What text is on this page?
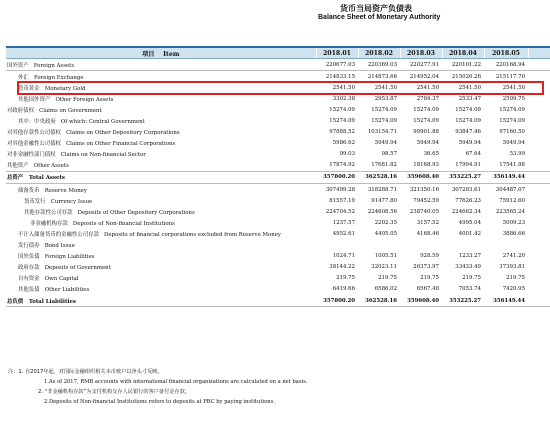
货币当局资产负债表
Balance Sheet of Monetary Authority
项目 Item	2018.01	2018.02	2018.03	2018.04	2018.05	
国外资产 Foreign Assets	220677.03	220369.03	220277.91	220101.22	220168.94	
外汇 Foreign Exchange	214833.15	214873.66	214952.04	215026.26	215117.70	
货币黄金 Monetary Gold	2541.50	2541.50	2541.50	2541.50	2541.50	
其他国外资产 Other Foreign Assets	3302.38	2953.87	2784.37	2533.47	2509.75	
对政府债权 Claims on Government	15274.09	15274.09	15274.09	15274.09	15274.09	
其中：中央政府 Of which: Central Government	15274.09	15274.09	15274.09	15274.09	15274.09	
对其他存款性公司债权 Claims on Other Depository Corporations	97888.52	103154.71	99901.88	93847.46	97160.50	
对其他金融性公司债权 Claims on Other Financial Corporations	5986.62	5949.94	5949.94	5949.94	5949.94	
对非金融性部门债权 Claims on Non-financial Sector	99.03	98.57	36.65	67.64	53.99	
其他资产 Other Assets	17874.92	17681.82	18168.93	17994.91	17541.98	
总资产 Total Assets	357800.20	362528.16	359608.40	353225.27	356149.44	
储备货币 Reserve Money	307499.28	318288.71	321350.16	307283.61	304487.07	
货币发行 Currency Issue	81557.19	91477.80	79452.59	77626.23	75912.60	
其他存款性公司存款 Deposits of Other Depository Corporations	224704.52	224608.56	238740.05	224662.34	223565.24	
非金融机构存款 Deposits of Non-financial Institutions	1237.57	2202.35	3157.52	4995.04	5009.23	
不计入储备货币的金融性公司存款 Deposits of financial corporations excluded from Reserve Money	4952.61	4405.05	4168.46	4001.42	3886.66	
发行债券 Bond Issue						
国外负债 Foreign Liabilities	1024.71	1005.51	928.59	1233.27	2741.20	
政府存款 Deposits of Government	38144.22	32023.11	26373.97	33433.49	37393.81	
自有资金 Own Capital	219.75	219.75	219.75	219.75	219.75	
其他负债 Other Liabilities	6419.66	6586.02	6567.48	7053.74	7420.95	
总负债 Total Liabilities	357800.20	362528.16	359608.40	353225.27	356149.44	
注：1. 自2017年起，对国际金融组织相关本币账户以净头寸反映。
1.As of 2017, RMB accounts with international financial organizations are calculated on a net basis.
2. “非金融机构存款”为支付机构交存人民银行的客户备付金存款。
2.Deposits of Non-financial Institutions refers to deposits at PBC by paying institutions.
